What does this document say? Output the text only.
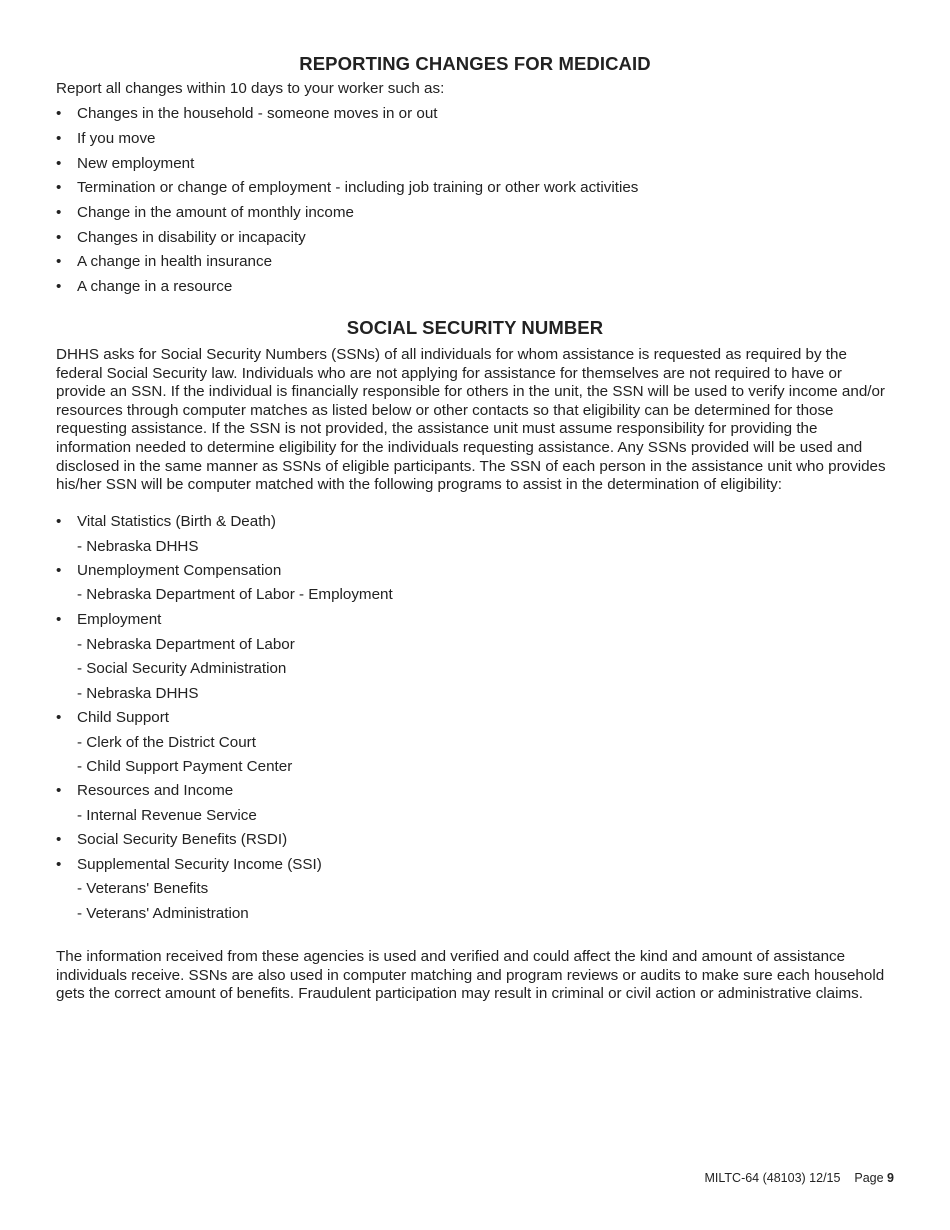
REPORTING CHANGES FOR MEDICAID
Report all changes within 10 days to your worker such as:
•	Changes in the household - someone moves in or out
•	If you move
•	New employment
•	Termination or change of employment - including job training or other work activities
•	Change in the amount of monthly income
•	Changes in disability or incapacity
•	A change in health insurance
•	A change in a resource
SOCIAL SECURITY NUMBER

DHHS asks for Social Security Numbers (SSNs) of all individuals for whom assistance is requested as required by the federal Social Security law. Individuals who are not applying for assistance for themselves are not required to have or provide an SSN. If the individual is financially responsible for others in the unit, the SSN will be used to verify income and/or resources through computer matches as listed below or other contacts so that eligibility can be determined for those requesting assistance. If the SSN is not provided, the assistance unit must assume responsibility for providing the information needed to determine eligibility for the individuals requesting assistance. Any SSNs provided will be used and disclosed in the same manner as SSNs of eligible participants. The SSN of each person in the assistance unit who provides his/her SSN will be computer matched with the following programs to assist in the determination of eligibility:

•	Vital Statistics (Birth & Death)
- Nebraska DHHS
•	Unemployment Compensation
- Nebraska Department of Labor - Employment
•	Employment
- Nebraska Department of Labor
- Social Security Administration
- Nebraska DHHS
•	Child Support
- Clerk of the District Court
- Child Support Payment Center
•	Resources and Income
- Internal Revenue Service
•	Social Security Benefits (RSDI)
•	Supplemental Security Income (SSI)
- Veterans' Benefits
- Veterans' Administration

The information received from these agencies is used and verified and could affect the kind and amount of assistance individuals receive. SSNs are also used in computer matching and program reviews or audits to make sure each household gets the correct amount of benefits. Fraudulent participation may result in criminal or civil action or administrative claims.

MILTC-64 (48103) 12/15 Page 9
